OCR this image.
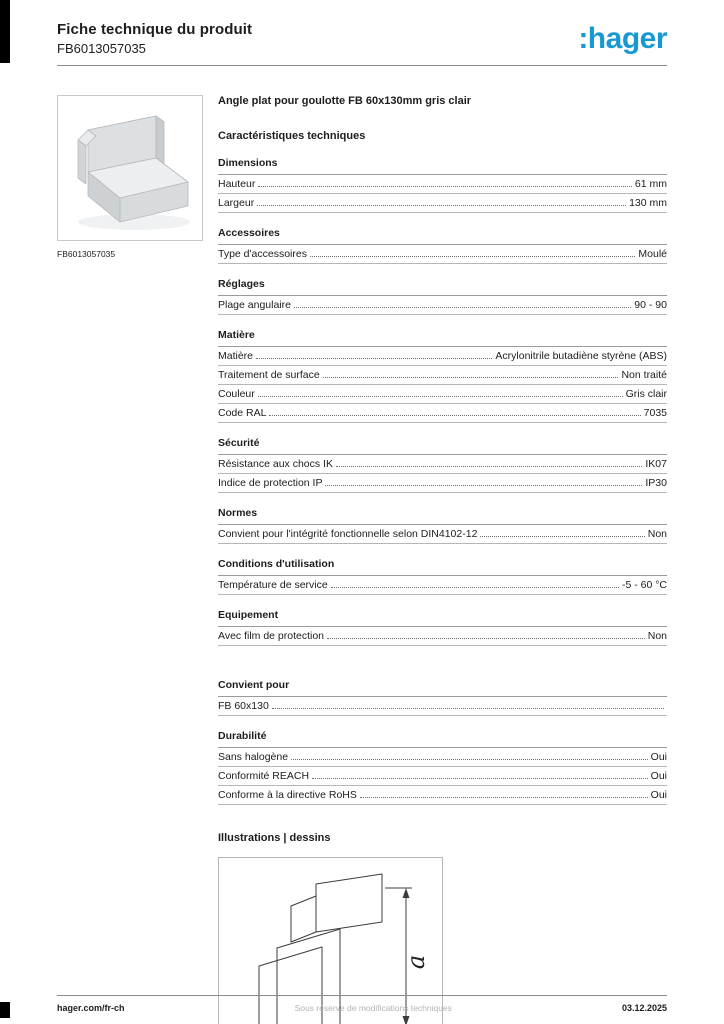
Fiche technique du produit
FB6013057035	:hager
FB6013057035
Angle plat pour goulotte FB 60x130mm gris clair
Caractéristiques techniques
Dimensions
Hauteur	61 mm
Largeur	130 mm
Accessoires
Type d'accessoires	Moulé
Réglages
Plage angulaire	90 - 90
Matière
Matière	Acrylonitrile butadiène styrène (ABS)
Traitement de surface	Non traité
Couleur	Gris clair
Code RAL	7035
Sécurité
Résistance aux chocs IK	IK07
Indice de protection IP	IP30
Normes
Convient pour l'intégrité fonctionnelle selon DIN4102-12	Non
Conditions d'utilisation
Température de service	-5 - 60 °C
Equipement
Avec film de protection	Non
Convient pour
FB 60x130
Durabilité
Sans halogène	Oui
Conformité REACH	Oui
Conforme à la directive RoHS	Oui
Illustrations | dessins
a
hager.com/fr-ch	Sous réserve de modifications techniques	03.12.2025
